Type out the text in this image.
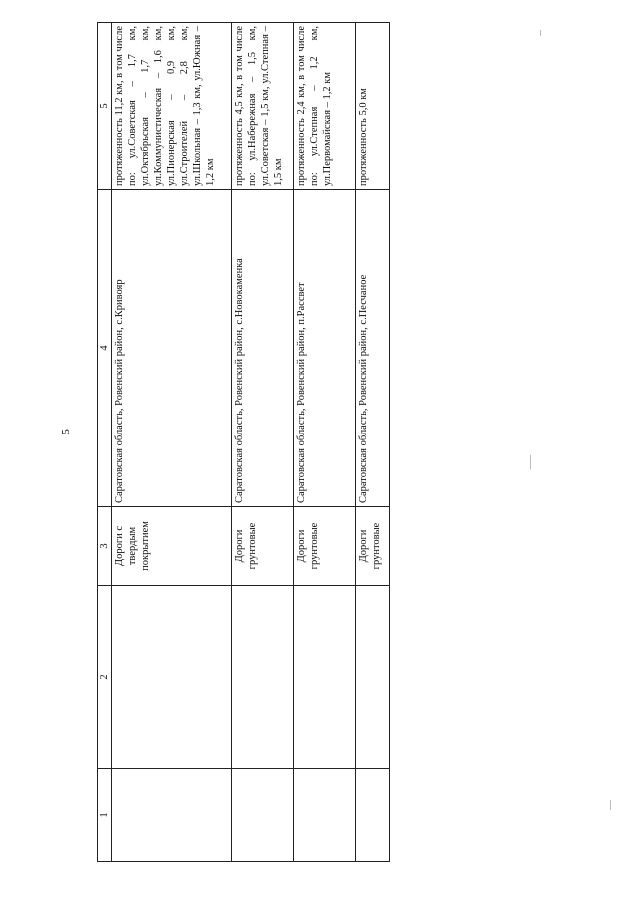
5
1	2	3	4	5
		Дороги с твердым покрытием	Саратовская область, Ровенский район, с.Кривояр	протяженность 11,2 км, в том числе по: ул.Советская – 1,7 км, ул.Октябрьская – 1,7 км, ул.Коммунистическая – 1,6 км, ул.Пионерская – 0,9 км, ул.Строителей – 2,8 км, ул.Школьная – 1,3 км, ул.Южная – 1,2 км
		Дороги грунтовые	Саратовская область, Ровенский район, с.Новокаменка	протяженность 4,5 км, в том числе по: ул.Набережная – 1,5 км, ул.Советская – 1,5 км, ул.Степная – 1,5 км
		Дороги грунтовые	Саратовская область, Ровенский район, п.Рассвет	протяженность 2,4 км, в том числе по: ул.Степная – 1,2 км, ул.Первомайская – 1,2 км
		Дороги грунтовые	Саратовская область, Ровенский район, с.Песчаное	протяженность 5,0 км
